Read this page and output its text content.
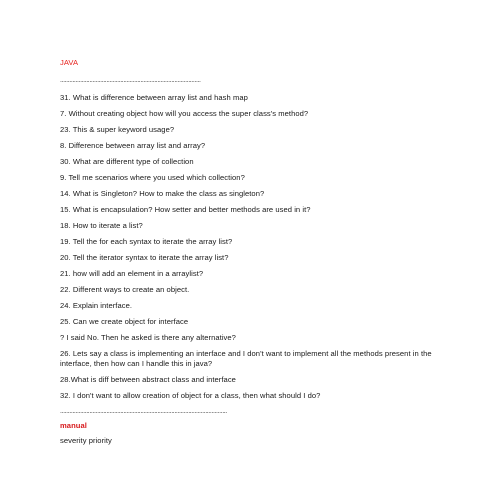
JAVA
...........................................................................................
31. What is difference between array list and hash map
7. Without creating object how will you access the super class's method?
23. This & super keyword usage?
8. Difference between array list and array?
30. What are different type of collection
9. Tell me scenarios where you used which collection?
14. What is Singleton? How to make the class as singleton?
15. What is encapsulation? How setter and better methods are used in it?
18. How to iterate a list?
19. Tell the for each syntax to iterate the array list?
20. Tell the iterator syntax to iterate the array list?
21. how will add an element in a arraylist?
22. Different ways to create an object.
24. Explain interface.
25. Can we create object for interface
? I said No. Then he asked is there any alternative?
26. Lets say a class is implementing an interface and I don't want to implement all the methods present in the interface, then how can I handle this in java?
28.What is diff between abstract class and interface
32. I don't want to allow creation of object for a class, then what should I do?
............................................................................................................
manual
severity priority
